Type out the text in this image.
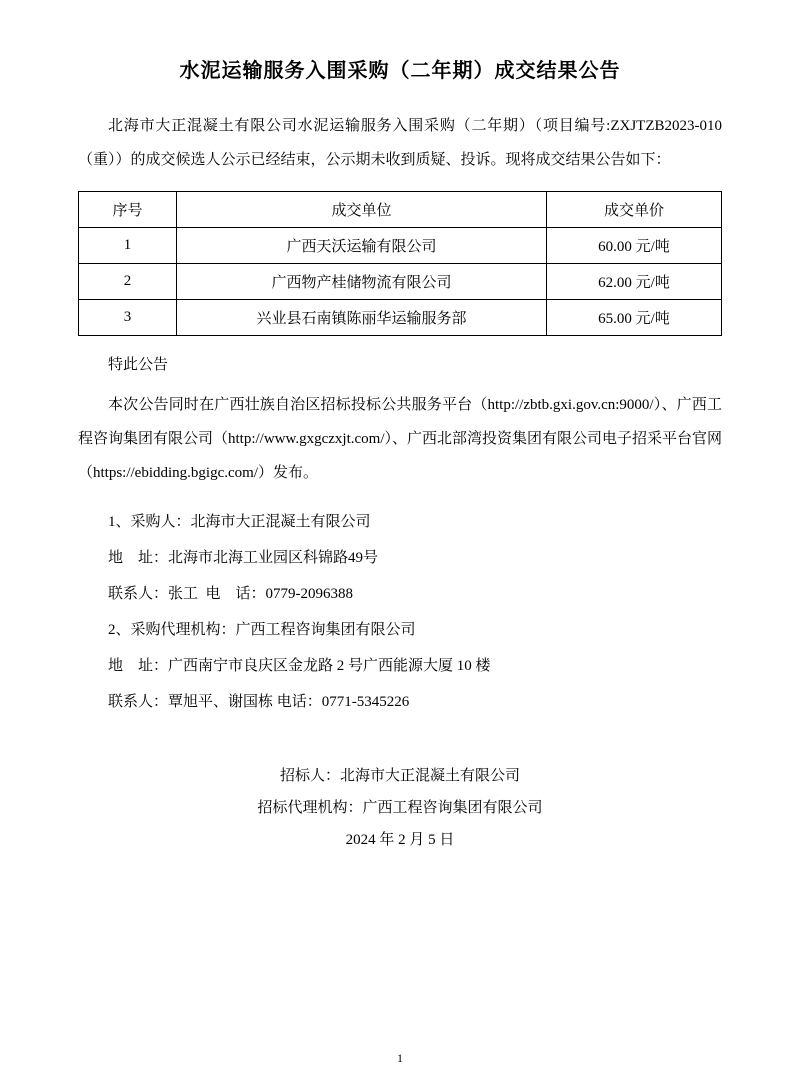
水泥运输服务入围采购（二年期）成交结果公告

北海市大正混凝土有限公司水泥运输服务入围采购（二年期）（项目编号:ZXJTZB2023-010（重））的成交候选人公示已经结束，公示期未收到质疑、投诉。现将成交结果公告如下：

序号	成交单位	成交单价
1	广西天沃运输有限公司	60.00 元/吨
2	广西物产桂储物流有限公司	62.00 元/吨
3	兴业县石南镇陈丽华运输服务部	65.00 元/吨

特此公告

本次公告同时在广西壮族自治区招标投标公共服务平台（http://zbtb.gxi.gov.cn:9000/）、广西工程咨询集团有限公司（http://www.gxgczxjt.com/）、广西北部湾投资集团有限公司电子招采平台官网（https://ebidding.bgigc.com/）发布。

1、采购人：北海市大正混凝土有限公司

地　址：北海市北海工业园区科锦路49号

联系人：张工 电　话：0779-2096388

2、采购代理机构：广西工程咨询集团有限公司

地　址：广西南宁市良庆区金龙路 2 号广西能源大厦 10 楼

联系人：覃旭平、谢国栋 电话：0771-5345226

招标人：北海市大正混凝土有限公司
招标代理机构：广西工程咨询集团有限公司
2024 年 2 月 5 日
1
